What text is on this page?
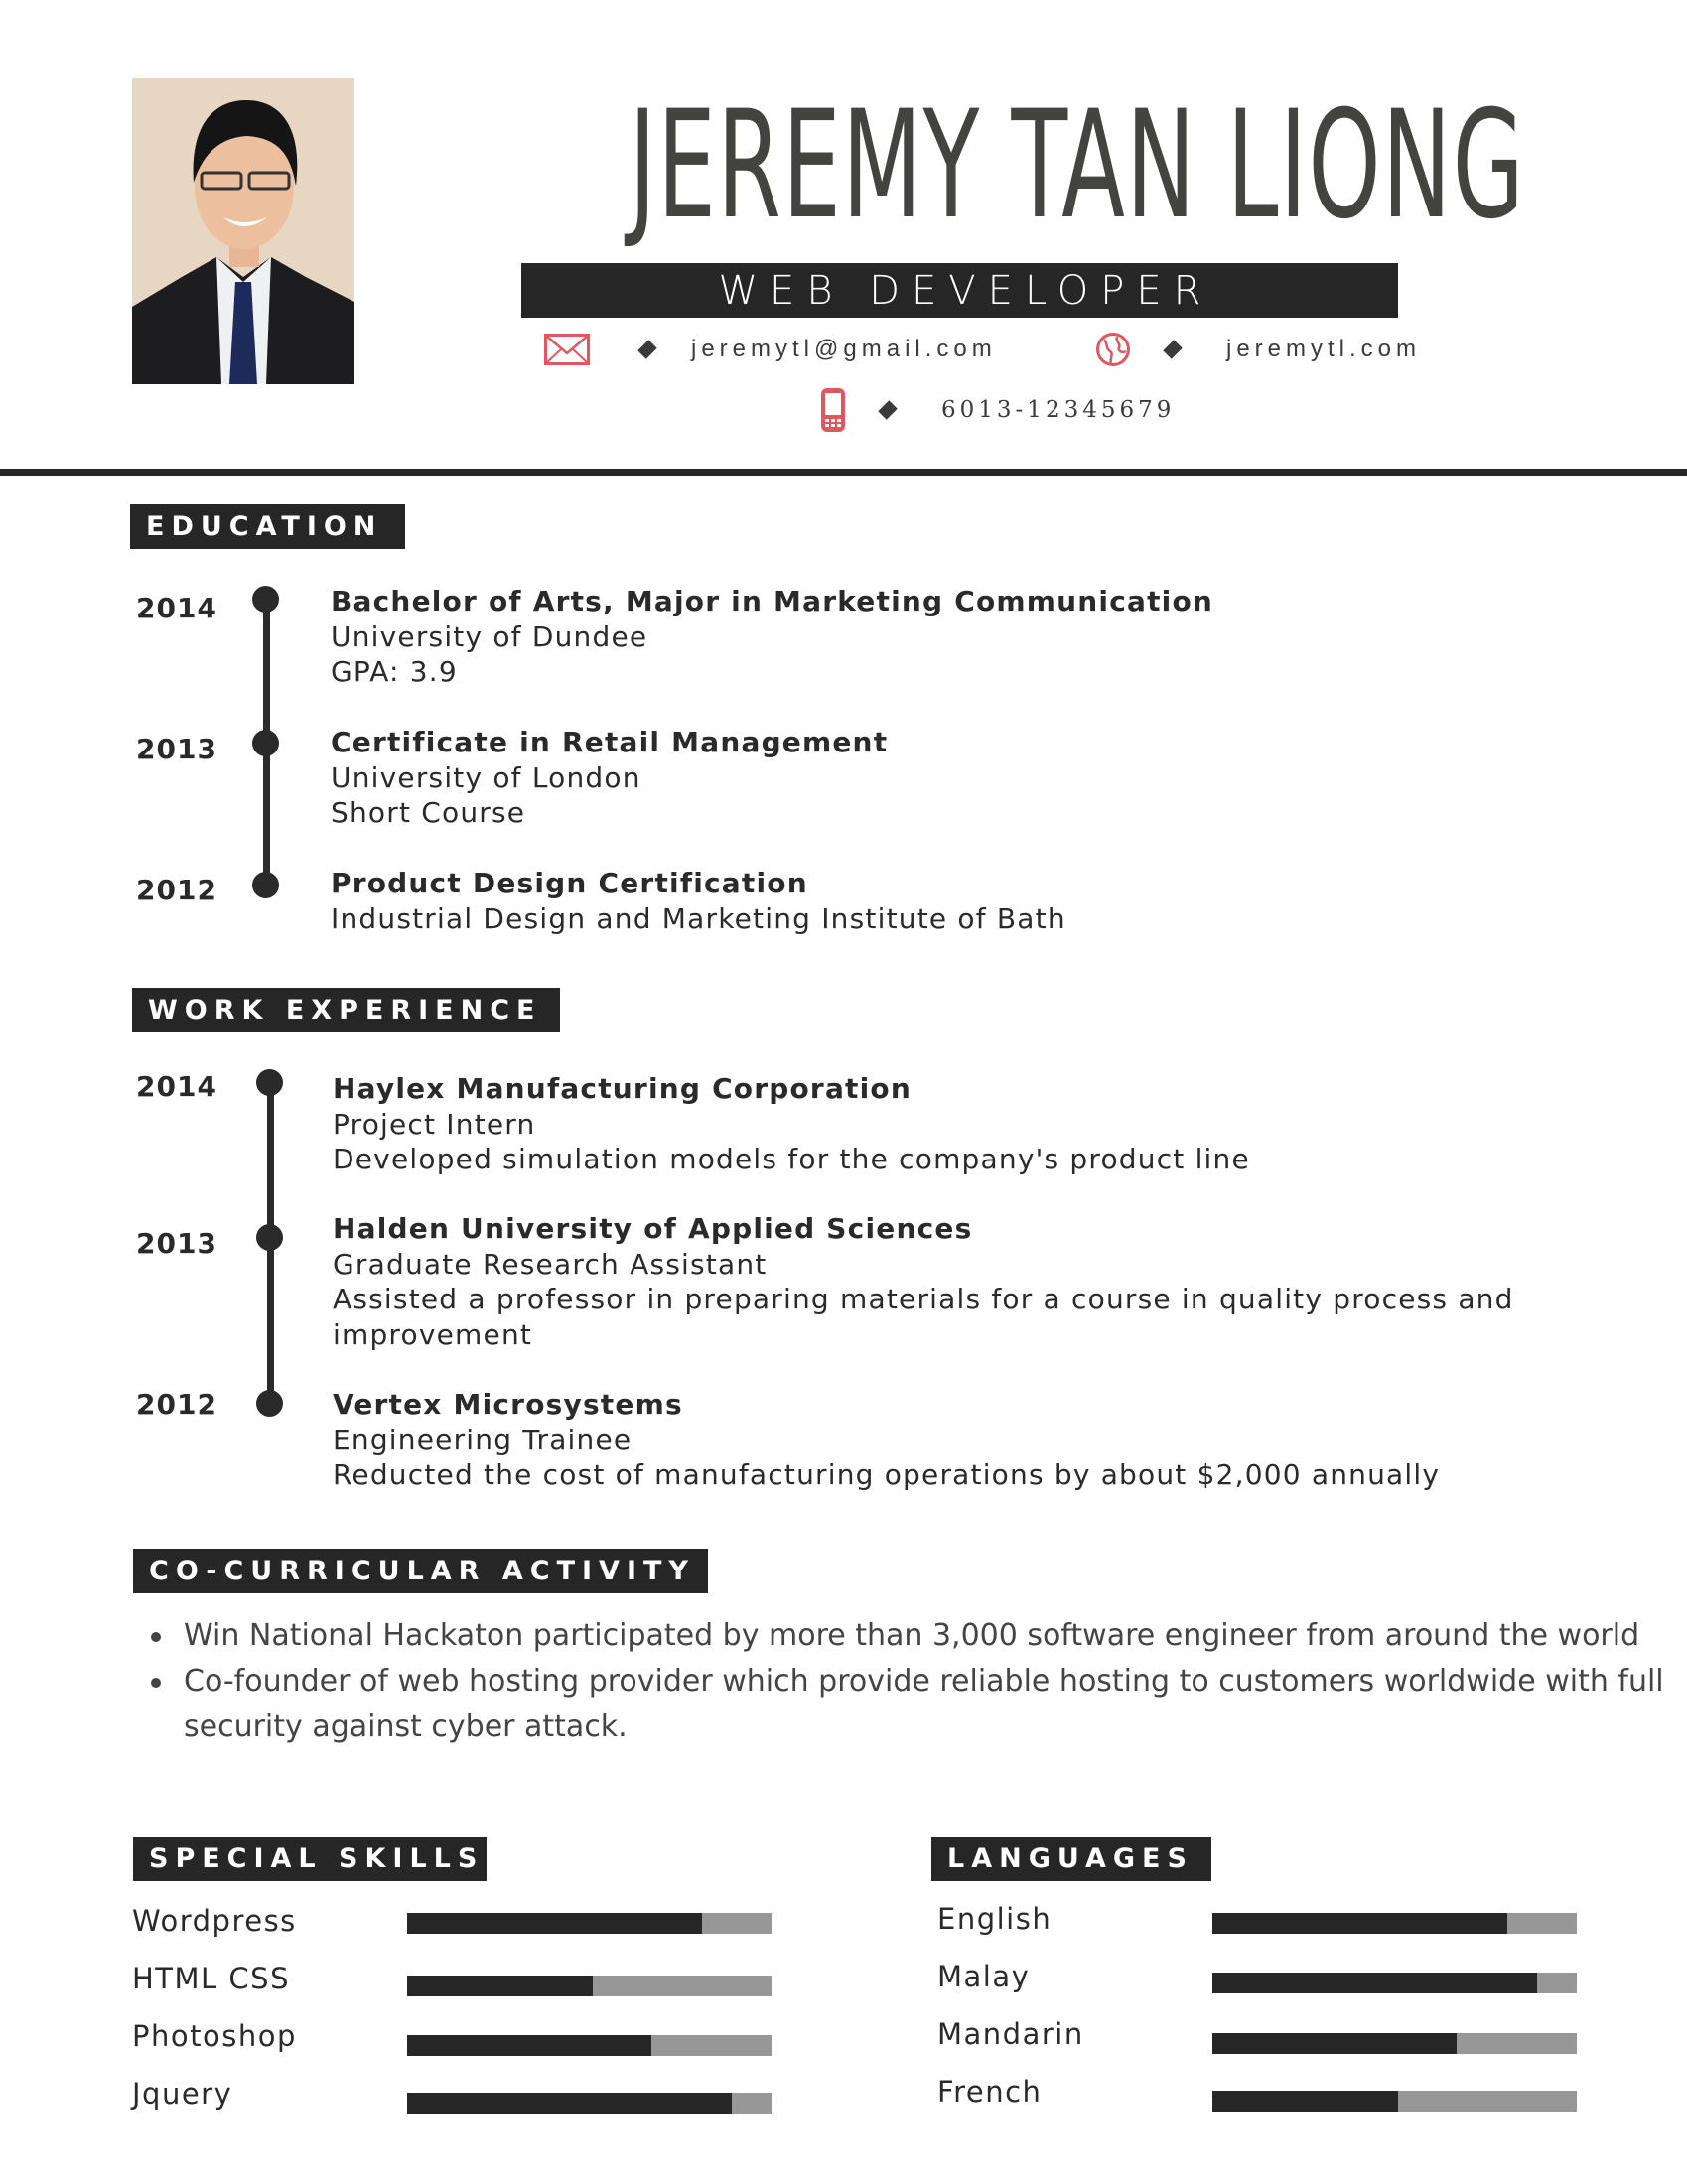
JEREMY TAN LIONG
WEB DEVELOPER
jeremytl@gmail.com	jeremytl.com
6013-12345679
EDUCATION
2014	Bachelor of Arts, Major in Marketing Communication
University of Dundee
GPA: 3.9
2013	Certificate in Retail Management
University of London
Short Course
2012	Product Design Certification
Industrial Design and Marketing Institute of Bath
WORK EXPERIENCE
2014	Haylex Manufacturing Corporation
Project Intern
Developed simulation models for the company's product line
2013	Halden University of Applied Sciences
Graduate Research Assistant
Assisted a professor in preparing materials for a course in quality process and
improvement
2012	Vertex Microsystems
Engineering Trainee
Reducted the cost of manufacturing operations by about $2,000 annually
CO-CURRICULAR ACTIVITY
Win National Hackaton participated by more than 3,000 software engineer from around the world
Co-founder of web hosting provider which provide reliable hosting to customers worldwide with full security against cyber attack.
SPECIAL SKILLS
Wordpress
HTML CSS
Photoshop
Jquery
LANGUAGES
English
Malay
Mandarin
French
